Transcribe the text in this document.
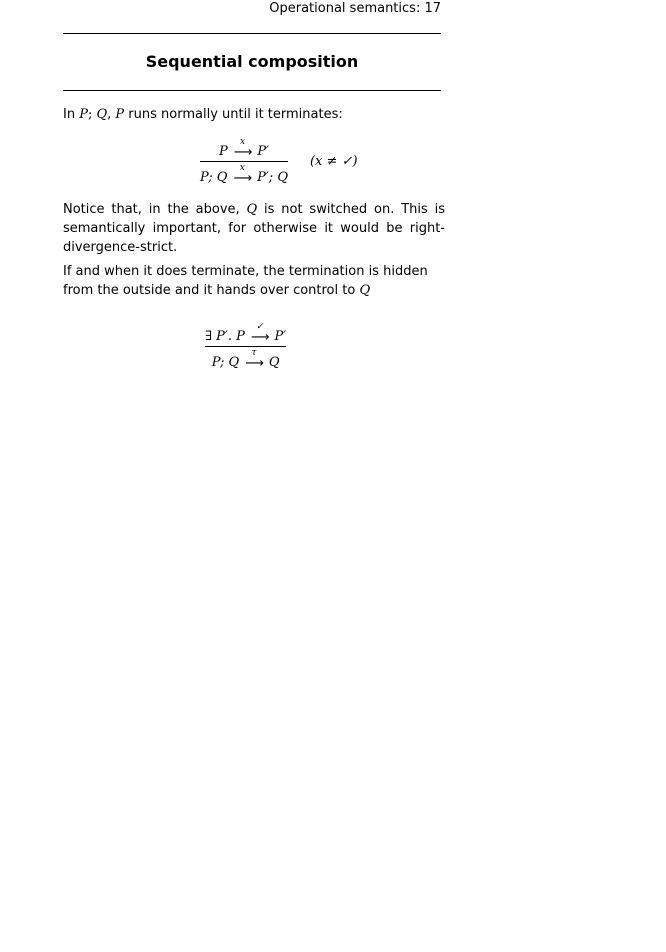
Operational semantics: 17
Sequential composition
In P; Q, P runs normally until it terminates:
P
x
⟶ P′
P; Q
x
⟶ P′; Q (x ≠ ✓)
Notice that, in the above, Q is not switched on. This is semantically important, for otherwise it would be right-divergence-strict.
If and when it does terminate, the termination is hidden from the outside and it hands over control to Q
∃ P′. P
✓
⟶ P′
P; Q
τ
⟶ Q
